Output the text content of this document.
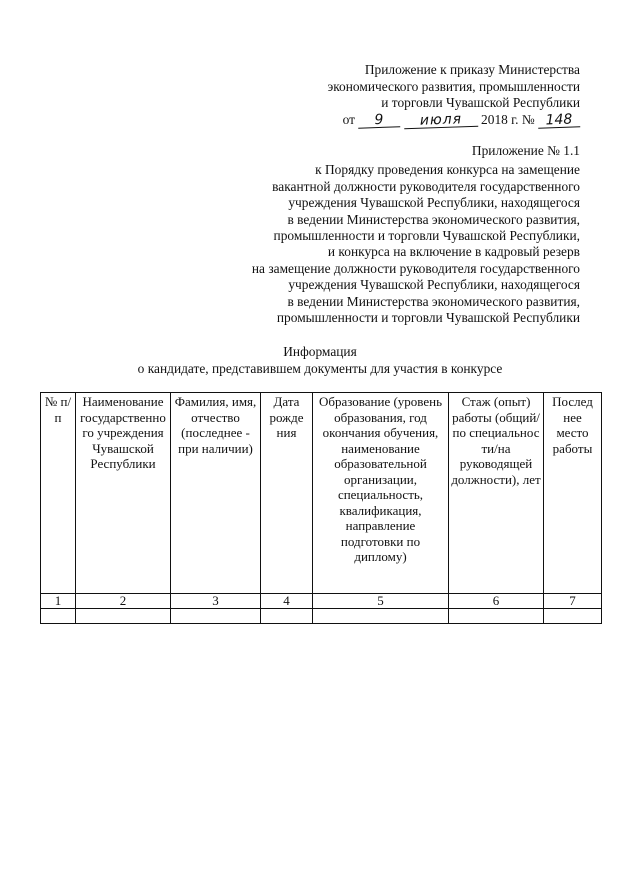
Приложение к приказу Министерства
экономического развития, промышленности
и торговли Чувашской Республики
от 9	июля 2018 г. № 148
Приложение № 1.1
к Порядку проведения конкурса на замещение
вакантной должности руководителя государственного
учреждения Чувашской Республики, находящегося
в ведении Министерства экономического развития,
промышленности и торговли Чувашской Республики,
и конкурса на включение в кадровый резерв
на замещение должности руководителя государственного
учреждения Чувашской Республики, находящегося
в ведении Министерства экономического развития,
промышленности и торговли Чувашской Республики
Информация
о кандидате, представившем документы для участия в конкурсе
№ п/п	Наименование государственно го учреждения Чувашской Республики	Фамилия, имя, отчество (последнее - при наличии)	Дата рожде ния	Образование (уровень образования, год окончания обучения, наименование образовательной организации, специальность, квалификация, направление подготовки по диплому)	Стаж (опыт) работы (общий/по специальнос ти/на руководящей должности), лет	Послед нее место работы
1	2	3	4	5	6	7
